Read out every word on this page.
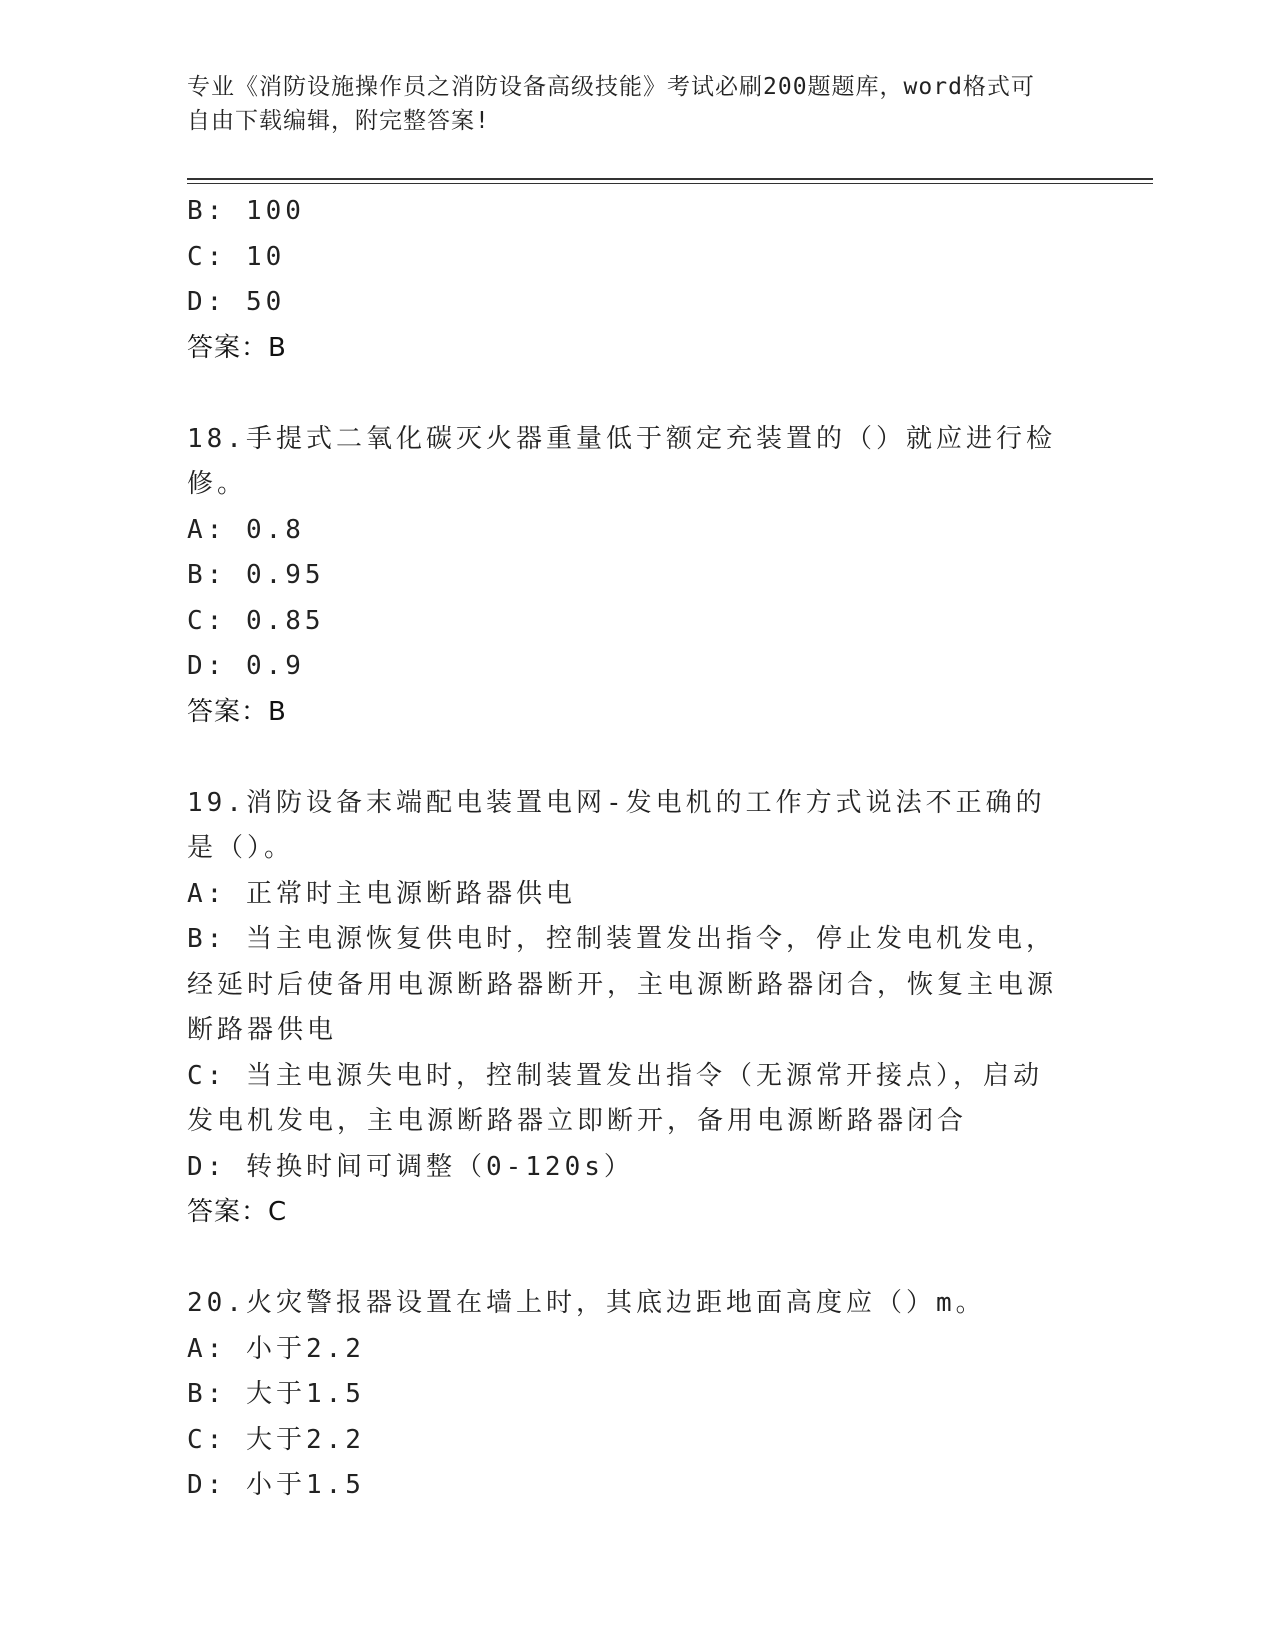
专业《消防设施操作员之消防设备高级技能》考试必刷200题题库，word格式可
自由下载编辑，附完整答案!
B: 100
C: 10
D: 50
答案：B
18.手提式二氧化碳灭火器重量低于额定充装置的（）就应进行检修。
A: 0.8
B: 0.95
C: 0.85
D: 0.9
答案：B
19.消防设备末端配电装置电网-发电机的工作方式说法不正确的是（）。
A: 正常时主电源断路器供电
B: 当主电源恢复供电时，控制装置发出指令，停止发电机发电，经延时后使备用电源断路器断开，主电源断路器闭合，恢复主电源断路器供电
C: 当主电源失电时，控制装置发出指令（无源常开接点），启动发电机发电，主电源断路器立即断开，备用电源断路器闭合
D: 转换时间可调整（0-120s）
答案：C
20.火灾警报器设置在墙上时，其底边距地面高度应（）m。
A: 小于2.2
B: 大于1.5
C: 大于2.2
D: 小于1.5
